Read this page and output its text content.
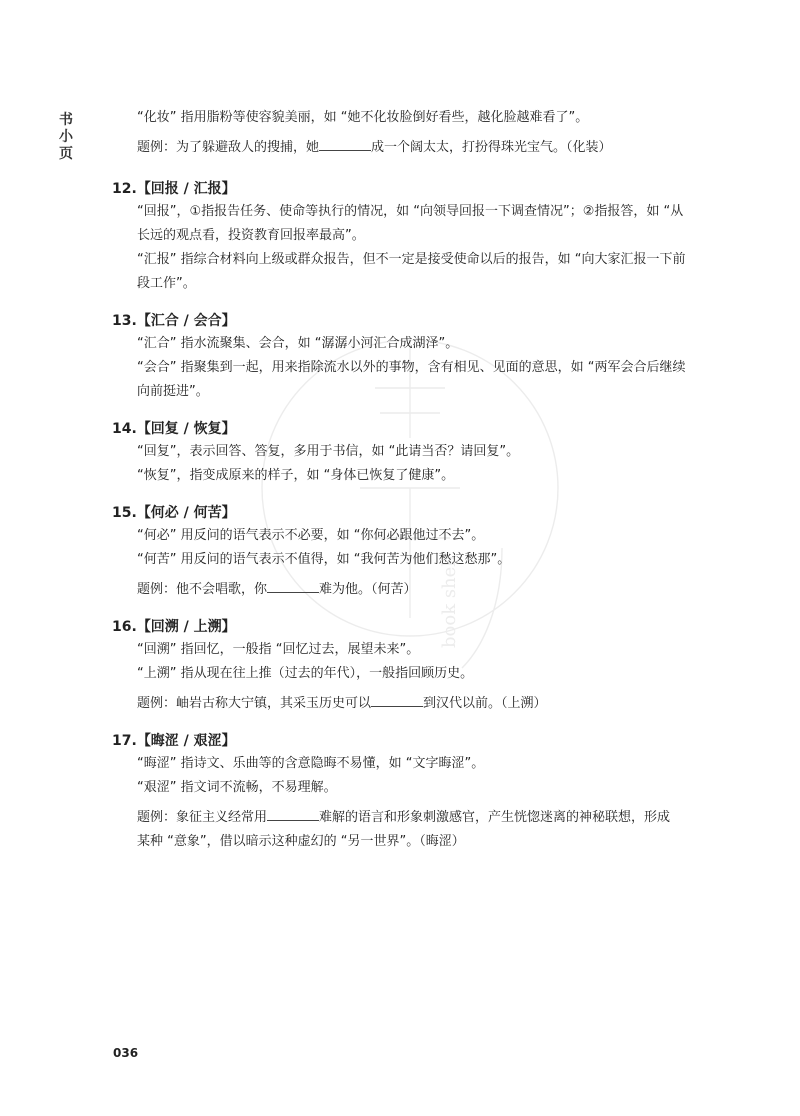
书
小
页
book shelf

“化妆” 指用脂粉等使容貌美丽，如 “她不化妆脸倒好看些，越化脸越难看了”。

题例：为了躲避敌人的搜捕，她	成一个阔太太，打扮得珠光宝气。（化装）

12.【回报 / 汇报】

“回报”，①指报告任务、使命等执行的情况，如 “向领导回报一下调查情况”；②指报答，如 “从

长远的观点看，投资教育回报率最高”。

“汇报” 指综合材料向上级或群众报告，但不一定是接受使命以后的报告，如 “向大家汇报一下前

段工作”。

13.【汇合 / 会合】

“汇合” 指水流聚集、会合，如 “潺潺小河汇合成湖泽”。

“会合” 指聚集到一起，用来指除流水以外的事物，含有相见、见面的意思，如 “两军会合后继续

向前挺进”。

14.【回复 / 恢复】

“回复”，表示回答、答复，多用于书信，如 “此请当否？请回复”。

“恢复”，指变成原来的样子，如 “身体已恢复了健康”。

15.【何必 / 何苦】

“何必” 用反问的语气表示不必要，如 “你何必跟他过不去”。

“何苦” 用反问的语气表示不值得，如 “我何苦为他们愁这愁那”。

题例：他不会唱歌，你	难为他。（何苦）

16.【回溯 / 上溯】

“回溯” 指回忆，一般指 “回忆过去，展望未来”。

“上溯” 指从现在往上推（过去的年代），一般指回顾历史。

题例：岫岩古称大宁镇，其采玉历史可以	到汉代以前。（上溯）

17.【晦涩 / 艰涩】

“晦涩” 指诗文、乐曲等的含意隐晦不易懂，如 “文字晦涩”。

“艰涩” 指文词不流畅，不易理解。

题例：象征主义经常用	难解的语言和形象刺激感官，产生恍惚迷离的神秘联想，形成

某种 “意象”，借以暗示这种虚幻的 “另一世界”。（晦涩）

036
